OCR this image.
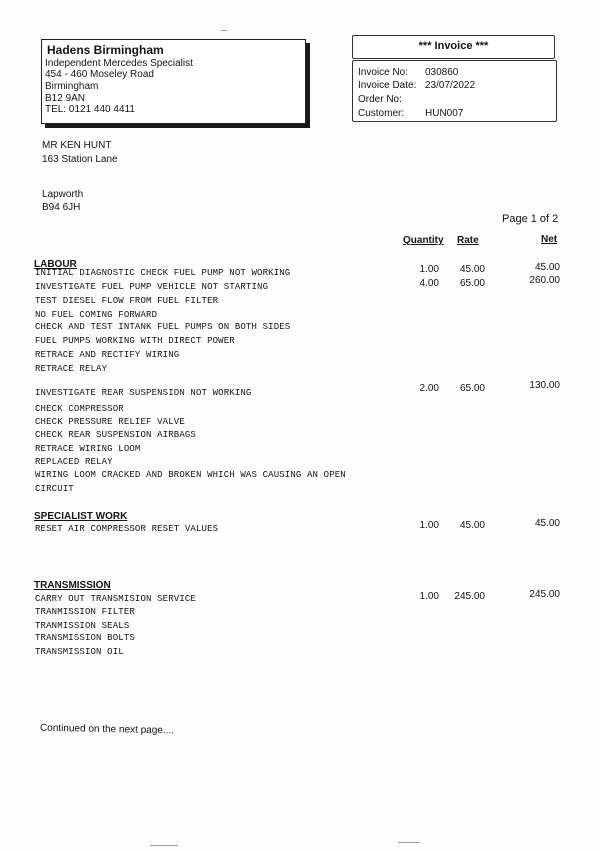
Hadens Birmingham
Independent Mercedes Specialist
454 - 460 Moseley Road
Birmingham
B12 9AN
TEL: 0121 440 4411
*** Invoice ***
Invoice No: 030860
Invoice Date: 23/07/2022
Order No:
Customer: HUN007
MR KEN HUNT
163 Station Lane
Lapworth
B94 6JH
Page 1 of 2
Quantity Rate	Net
LABOUR
INITIAL DIAGNOSTIC CHECK FUEL PUMP NOT WORKING	1.00 45.00	45.00
INVESTIGATE FUEL PUMP VEHICLE NOT STARTING	4.00 65.00	260.00
TEST DIESEL FLOW FROM FUEL FILTER
NO FUEL COMING FORWARD
CHECK AND TEST INTANK FUEL PUMPS ON BOTH SIDES
FUEL PUMPS WORKING WITH DIRECT POWER
RETRACE AND RECTIFY WIRING
RETRACE RELAY
INVESTIGATE REAR SUSPENSION NOT WORKING	2.00 65.00	130.00
CHECK COMPRESSOR
CHECK PRESSURE RELIEF VALVE
CHECK REAR SUSPENSION AIRBAGS
RETRACE WIRING LOOM
REPLACED RELAY
WIRING LOOM CRACKED AND BROKEN WHICH WAS CAUSING AN OPEN
CIRCUIT
SPECIALIST WORK
RESET AIR COMPRESSOR RESET VALUES	1.00 45.00	45.00
TRANSMISSION
CARRY OUT TRANSMISION SERVICE	1.00 245.00	245.00
TRANMISSION FILTER
TRANMISSION SEALS
TRANSMISSION BOLTS
TRANSMISSION OIL
Continued on the next page....
